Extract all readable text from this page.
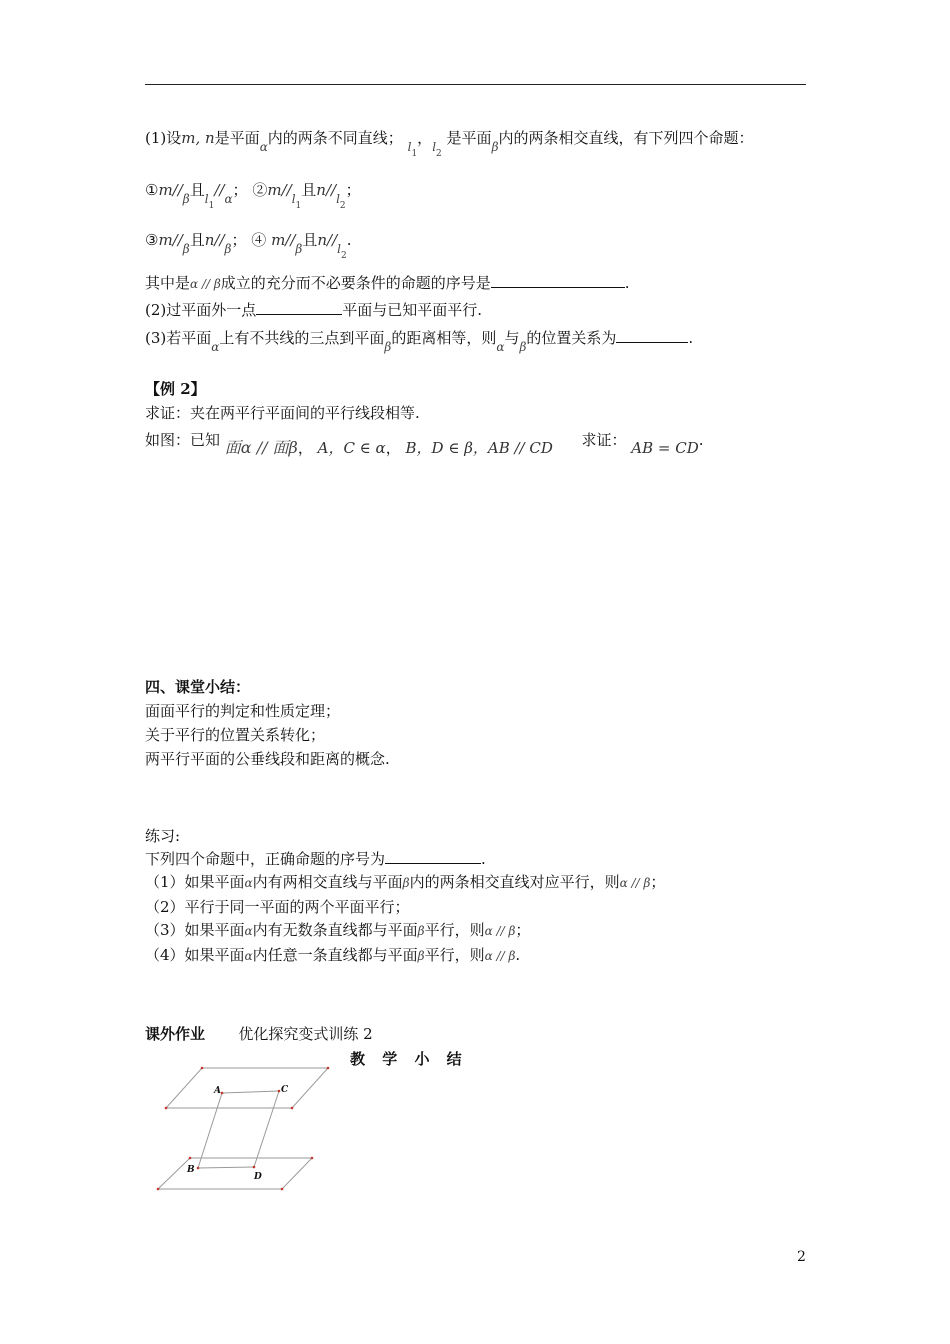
(1)设m, n是平面$_\alpha$内的两条不同直线； $_{l_1}$，$_{l_2}$ 是平面$_\beta$内的两条相交直线，有下列四个命题：
$①m//_\beta$且$_{l_1}//_\alpha$； $②m//_{l_1}$且$n//_{l_2}$；
$③m//_\beta$且$n//_\beta$； ④ $m//_\beta$且$n//_{l_2}$.
其中是α // β成立的充分而不必要条件的命题的序号是	.
(2)过平面外一点	平面与已知平面平行.
(3)若平面$_\alpha$上有不共线的三点到平面$_\beta$的距离相等，则$_\alpha$与$_\beta$的位置关系为	.
【例 2】
求证：夹在两平行平面间的平行线段相等.
如图：已知 面α // 面β， A，C ∈ α， B，D ∈ β，AB // CD 求证： AB = CD.
四、课堂小结：
面面平行的判定和性质定理；
关于平行的位置关系转化；
两平行平面的公垂线段和距离的概念.
练习:
下列四个命题中，正确命题的序号为	.
（1）如果平面α内有两相交直线与平面β内的两条相交直线对应平行，则α // β；
（2）平行于同一平面的两个平面平行；
（3）如果平面α内有无数条直线都与平面β平行，则α // β；
（4）如果平面α内任意一条直线都与平面β平行，则α // β.
课外作业 优化探究变式训练 2
教 学 小 结
A	C
B
D
2
